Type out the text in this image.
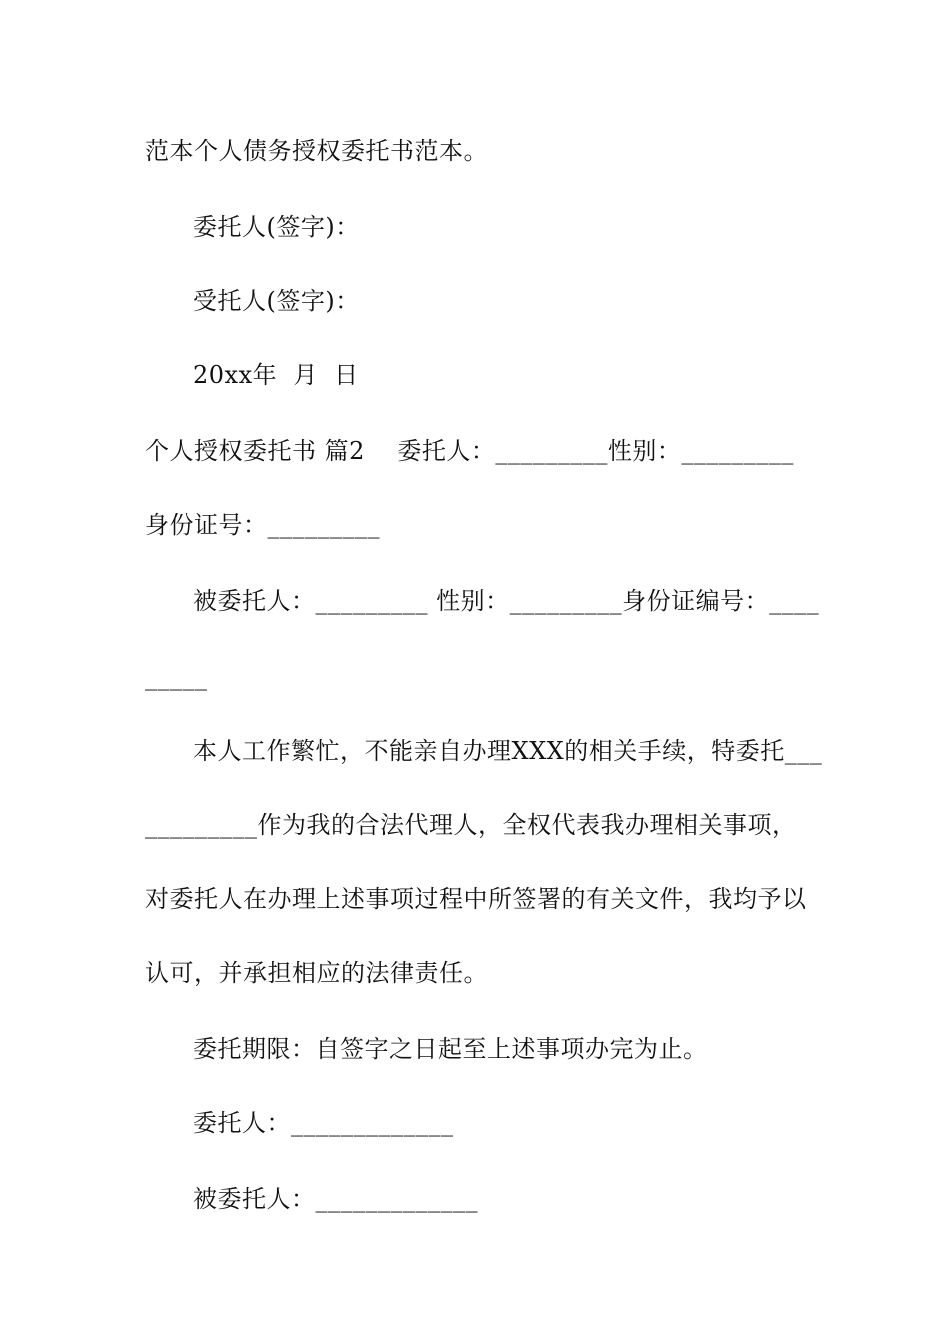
范本个人债务授权委托书范本。
委托人(签字)：
受托人(签字)：
20xx年  月  日
个人授权委托书 篇2    委托人：_________性别：_________
身份证号：_________
被委托人：_________ 性别：_________身份证编号：____
_____
本人工作繁忙，不能亲自办理XXX的相关手续，特委托___
_________作为我的合法代理人，全权代表我办理相关事项，
对委托人在办理上述事项过程中所签署的有关文件，我均予以
认可，并承担相应的法律责任。
委托期限：自签字之日起至上述事项办完为止。
委托人：_____________
被委托人：_____________
